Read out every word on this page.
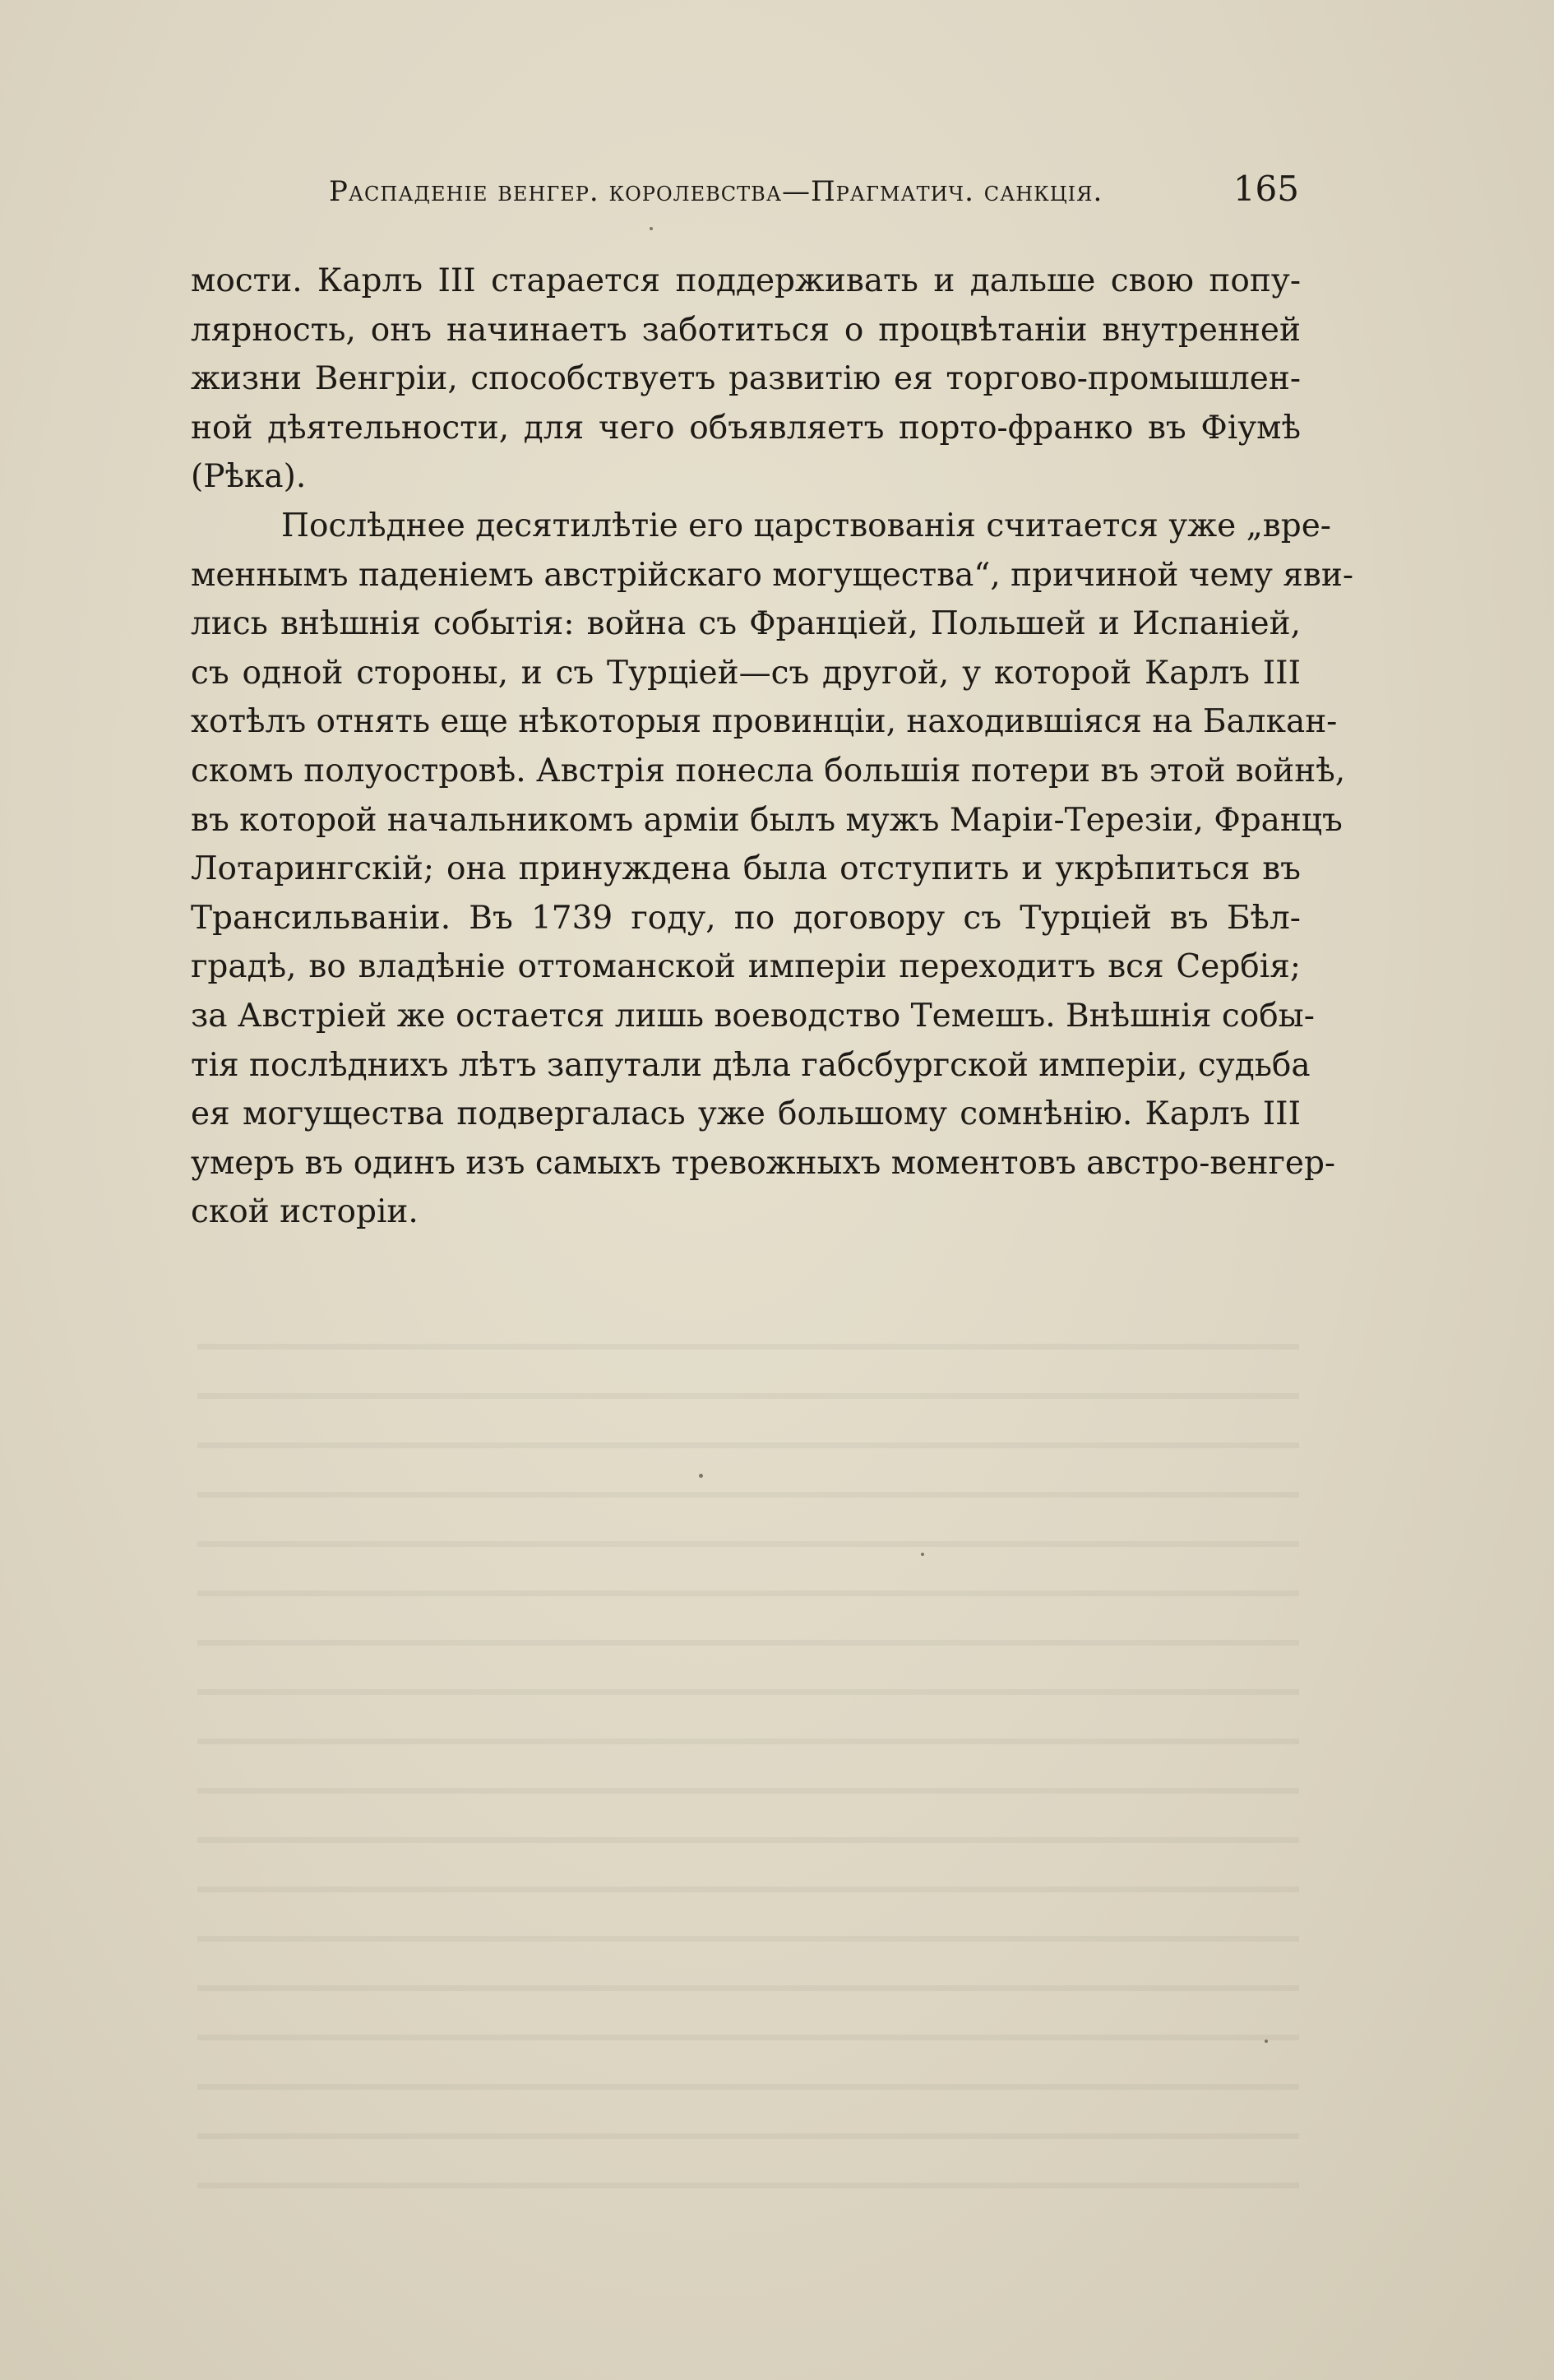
Распаденіе венгер. королевства—Прагматич. санкція.	165

мости. Карлъ III старается поддерживать и дальше свою попу-
лярность, онъ начинаетъ заботиться о процвѣтаніи внутренней
жизни Венгріи, способствуетъ развитію ея торгово-промышлен-
ной дѣятельности, для чего объявляетъ порто-франко въ Фіумѣ
(Рѣка).

Послѣднее десятилѣтіе его царствованія считается уже „вре-
меннымъ паденіемъ австрійскаго могущества“, причиной чему яви-
лись внѣшнія событія: война съ Франціей, Польшей и Испаніей,
съ одной стороны, и съ Турціей—съ другой, у которой Карлъ III
хотѣлъ отнять еще нѣкоторыя провинціи, находившіяся на Балкан-
скомъ полуостровѣ. Австрія понесла большія потери въ этой войнѣ,
въ которой начальникомъ арміи былъ мужъ Маріи-Терезіи, Францъ
Лотарингскій; она принуждена была отступить и укрѣпиться въ
Трансильваніи. Въ 1739 году, по договору съ Турціей въ Бѣл-
градѣ, во владѣніе оттоманской имперіи переходитъ вся Сербія;
за Австріей же остается лишь воеводство Темешъ. Внѣшнія собы-
тія послѣднихъ лѣтъ запутали дѣла габсбургской имперіи, судьба
ея могущества подвергалась уже большому сомнѣнію. Карлъ III
умеръ въ одинъ изъ самыхъ тревожныхъ моментовъ австро-венгер-
ской исторіи.
